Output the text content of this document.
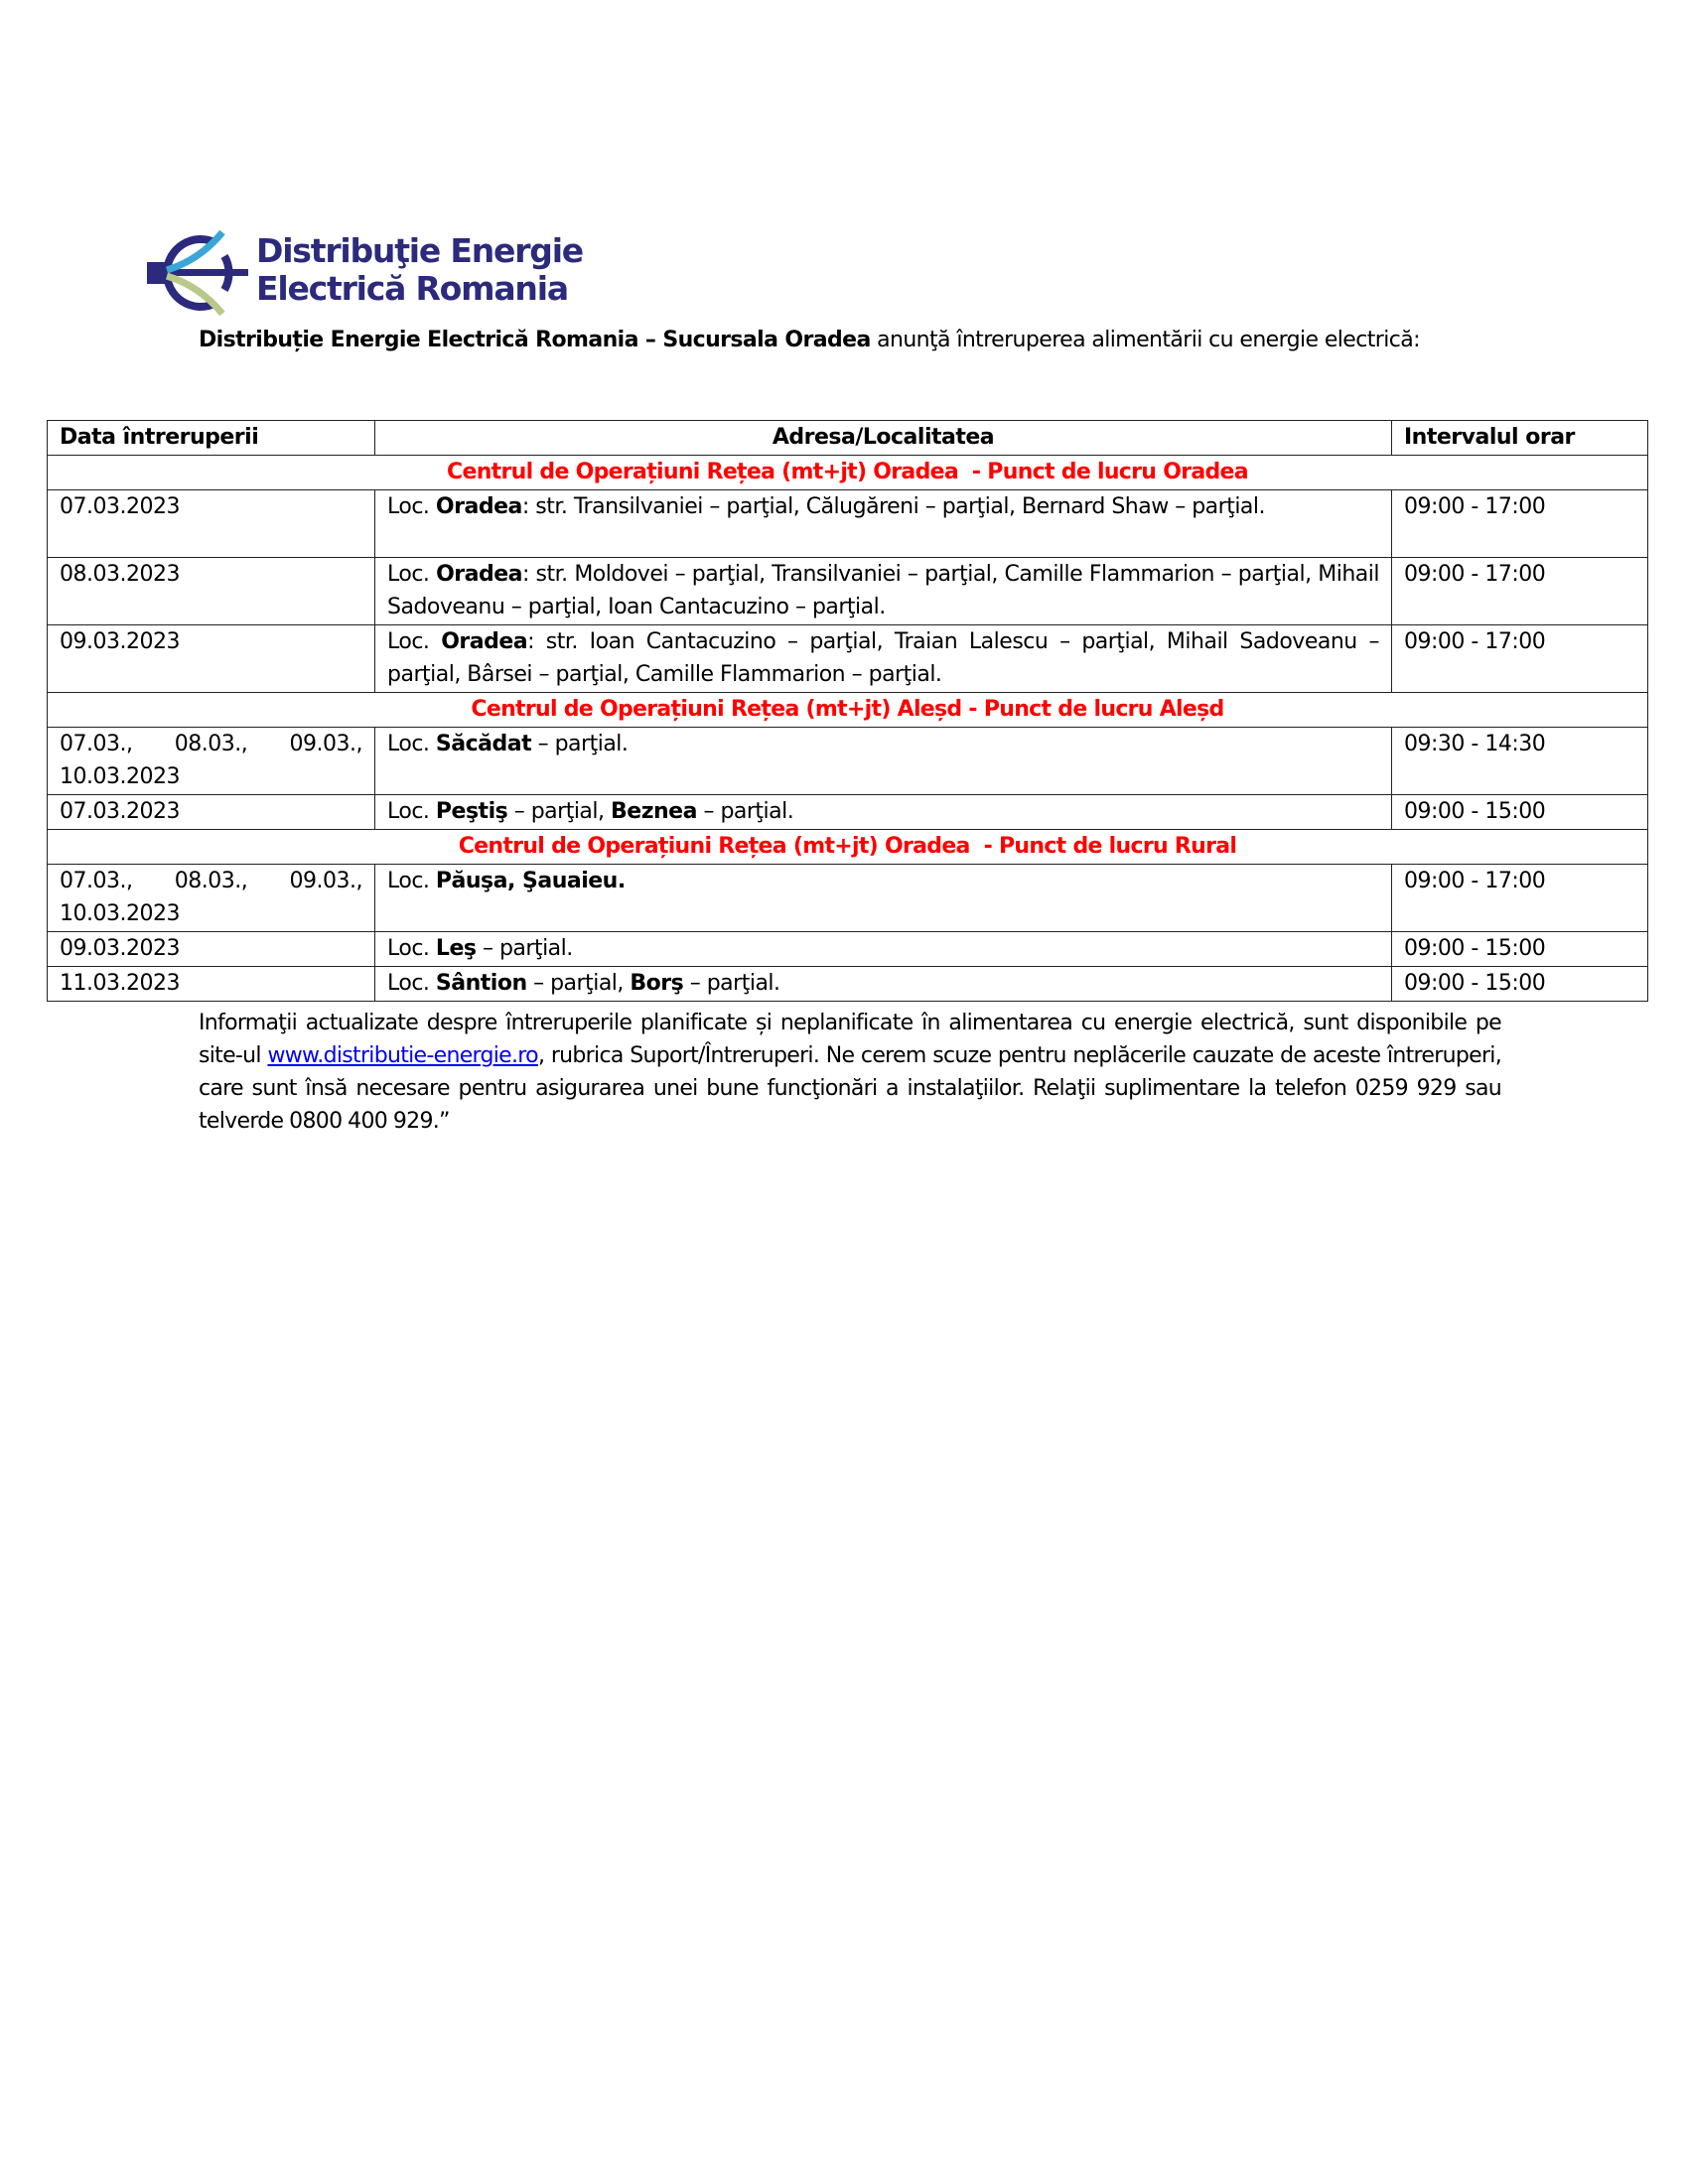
Distribuţie Energie
Electrică Romania
Distribuție Energie Electrică Romania – Sucursala Oradea anunţă întreruperea alimentării cu energie electrică:
Data întreruperii	Adresa/Localitatea	Intervalul orar
Centrul de Operațiuni Rețea (mt+jt) Oradea  - Punct de lucru Oradea		
07.03.2023	Loc. Oradea: str. Transilvaniei – parţial, Călugăreni – parţial, Bernard Shaw – parţial.	09:00 - 17:00
08.03.2023	Loc. Oradea: str. Moldovei – parţial, Transilvaniei – parţial, Camille Flammarion – parţial, Mihail Sadoveanu – parţial, Ioan Cantacuzino – parţial.	09:00 - 17:00
09.03.2023	Loc. Oradea: str. Ioan Cantacuzino – parţial, Traian Lalescu – parţial, Mihail Sadoveanu – parţial, Bârsei – parţial, Camille Flammarion – parţial.	09:00 - 17:00
Centrul de Operațiuni Rețea (mt+jt) Aleșd - Punct de lucru Aleșd		
07.03., 08.03., 09.03., 10.03.2023	Loc. Săcădat – parţial.	09:30 - 14:30
07.03.2023	Loc. Peştiş – parţial, Beznea – parţial.	09:00 - 15:00
Centrul de Operațiuni Rețea (mt+jt) Oradea  - Punct de lucru Rural		
07.03., 08.03., 09.03., 10.03.2023	Loc. Păuşa, Şauaieu.	09:00 - 17:00
09.03.2023	Loc. Leş – parţial.	09:00 - 15:00
11.03.2023	Loc. Sântion – parţial, Borş – parţial.	09:00 - 15:00
Informaţii actualizate despre întreruperile planificate și neplanificate în alimentarea cu energie electrică, sunt disponibile pe site-ul www.distributie-energie.ro, rubrica Suport/Întreruperi. Ne cerem scuze pentru neplăcerile cauzate de aceste întreruperi, care sunt însă necesare pentru asigurarea unei bune funcţionări a instalaţiilor. Relaţii suplimentare la telefon 0259 929 sau telverde 0800 400 929.”
